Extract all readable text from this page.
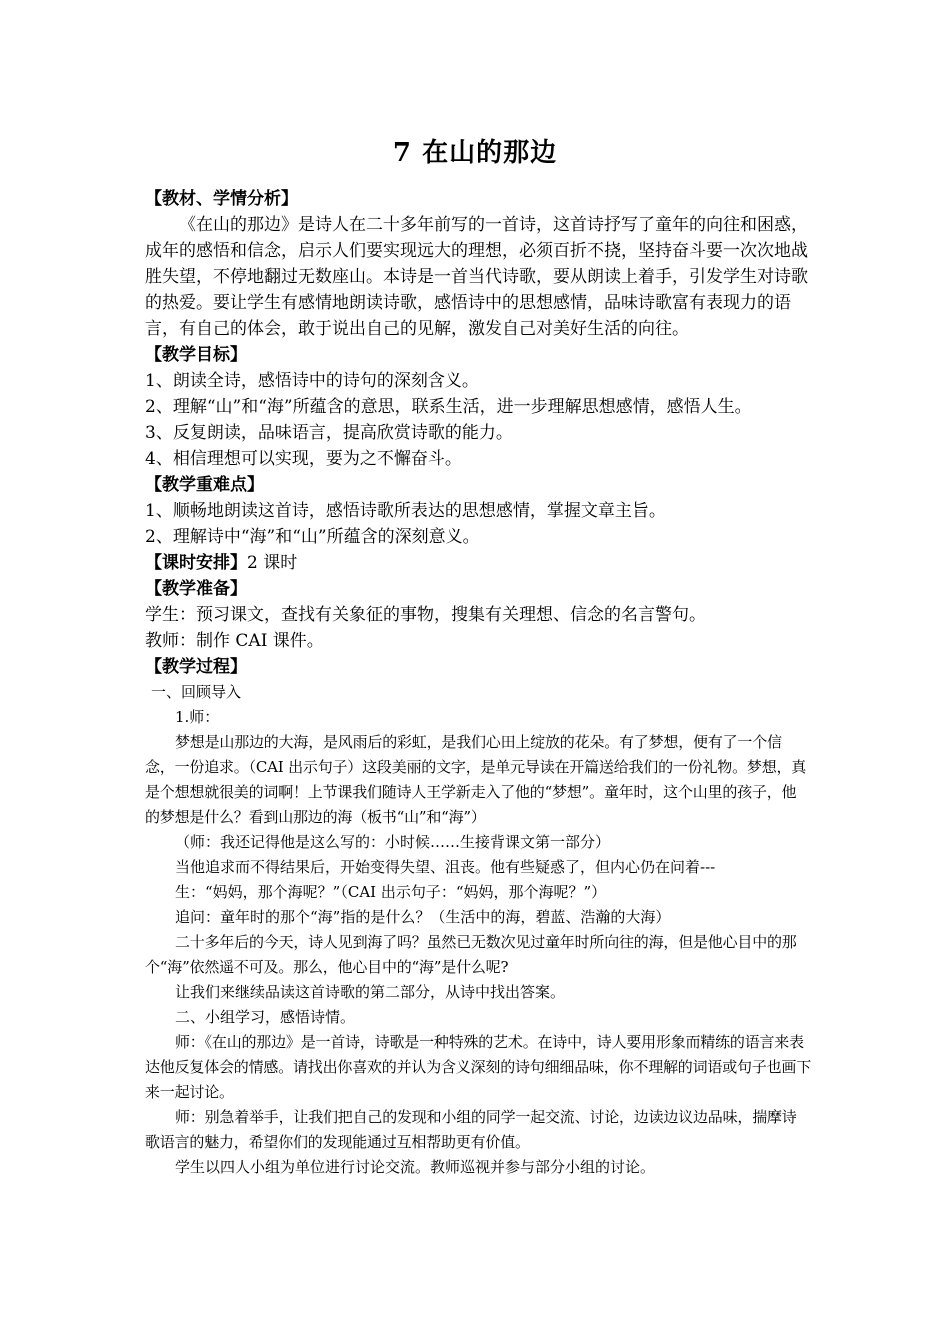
7 在山的那边

【教材、学情分析】

《在山的那边》是诗人在二十多年前写的一首诗，这首诗抒写了童年的向往和困惑，成年的感悟和信念，启示人们要实现远大的理想，必须百折不挠，坚持奋斗要一次次地战胜失望，不停地翻过无数座山。本诗是一首当代诗歌，要从朗读上着手，引发学生对诗歌的热爱。要让学生有感情地朗读诗歌，感悟诗中的思想感情，品味诗歌富有表现力的语言，有自己的体会，敢于说出自己的见解，激发自己对美好生活的向往。

【教学目标】

1、朗读全诗，感悟诗中的诗句的深刻含义。

2、理解“山”和“海”所蕴含的意思，联系生活，进一步理解思想感情，感悟人生。

3、反复朗读，品味语言，提高欣赏诗歌的能力。

4、相信理想可以实现，要为之不懈奋斗。

【教学重难点】

1、顺畅地朗读这首诗，感悟诗歌所表达的思想感情，掌握文章主旨。

2、理解诗中“海”和“山”所蕴含的深刻意义。

【课时安排】2 课时

【教学准备】

学生：预习课文，查找有关象征的事物，搜集有关理想、信念的名言警句。

教师：制作 CAI 课件。

【教学过程】

一、回顾导入

1.师：

梦想是山那边的大海，是风雨后的彩虹，是我们心田上绽放的花朵。有了梦想，便有了一个信念，一份追求。（CAI 出示句子）这段美丽的文字，是单元导读在开篇送给我们的一份礼物。梦想，真是个想想就很美的词啊！上节课我们随诗人王学新走入了他的“梦想”。童年时，这个山里的孩子，他的梦想是什么？看到山那边的海（板书“山”和“海”）

（师：我还记得他是这么写的：小时候……生接背课文第一部分）

当他追求而不得结果后，开始变得失望、沮丧。他有些疑惑了，但内心仍在问着---

生：“妈妈，那个海呢？”（CAI 出示句子：“妈妈，那个海呢？”）

追问：童年时的那个“海”指的是什么？（生活中的海，碧蓝、浩瀚的大海）

二十多年后的今天，诗人见到海了吗？虽然已无数次见过童年时所向往的海，但是他心目中的那个“海”依然遥不可及。那么，他心目中的“海”是什么呢?

让我们来继续品读这首诗歌的第二部分，从诗中找出答案。

二、小组学习，感悟诗情。

师：《在山的那边》是一首诗，诗歌是一种特殊的艺术。在诗中，诗人要用形象而精练的语言来表达他反复体会的情感。请找出你喜欢的并认为含义深刻的诗句细细品味，你不理解的词语或句子也画下来一起讨论。

师：别急着举手，让我们把自己的发现和小组的同学一起交流、讨论，边读边议边品味，揣摩诗歌语言的魅力，希望你们的发现能通过互相帮助更有价值。

学生以四人小组为单位进行讨论交流。教师巡视并参与部分小组的讨论。
